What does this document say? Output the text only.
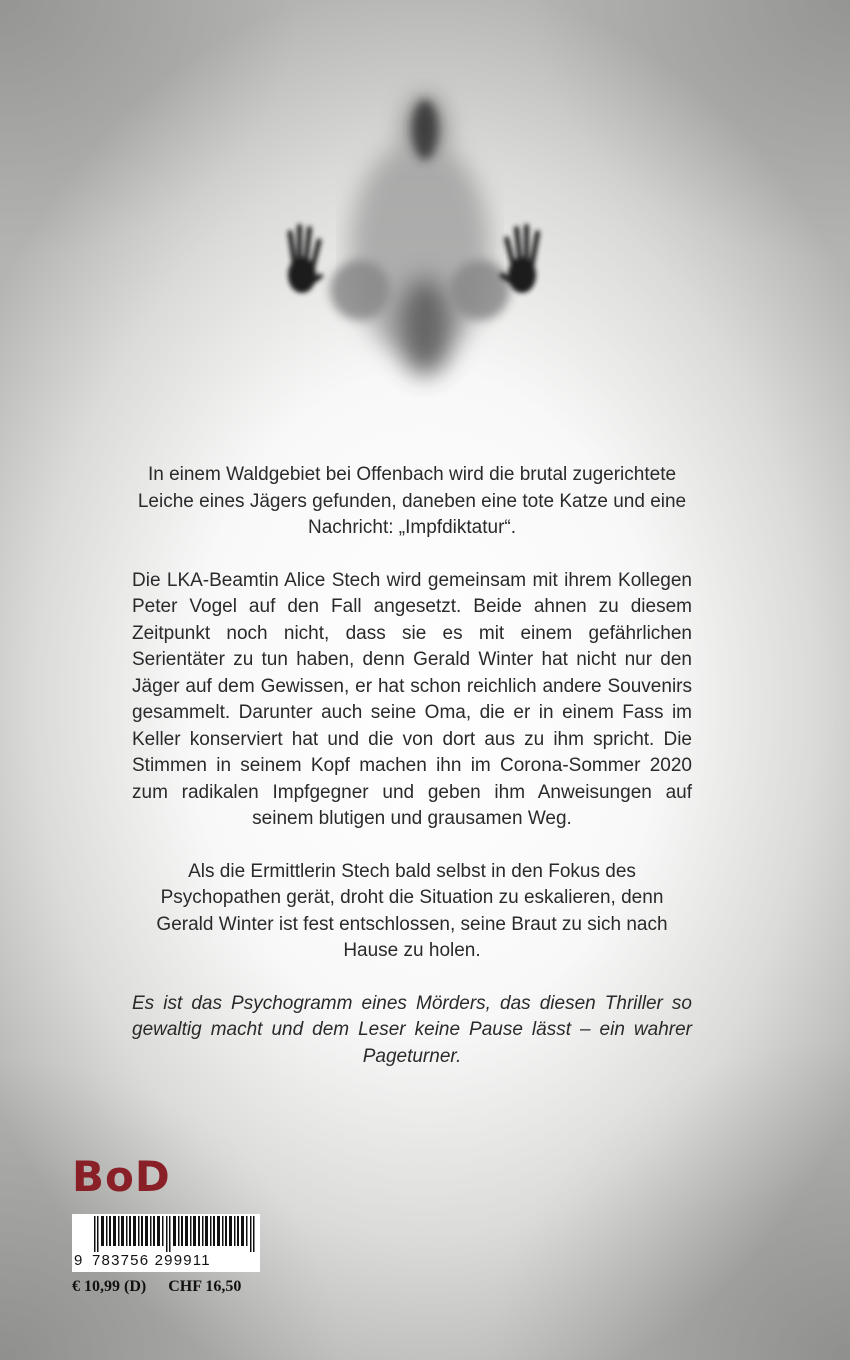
In einem Waldgebiet bei Offenbach wird die brutal zugerichtete Leiche eines Jägers gefunden, daneben eine tote Katze und eine Nachricht: „Impfdiktatur“.

Die LKA-Beamtin Alice Stech wird gemeinsam mit ihrem Kollegen Peter Vogel auf den Fall angesetzt. Beide ahnen zu diesem Zeitpunkt noch nicht, dass sie es mit einem gefährlichen Serientäter zu tun haben, denn Gerald Winter hat nicht nur den Jäger auf dem Gewissen, er hat schon reichlich andere Souvenirs gesammelt. Darunter auch seine Oma, die er in einem Fass im Keller konserviert hat und die von dort aus zu ihm spricht. Die Stimmen in seinem Kopf machen ihn im Corona-Sommer 2020 zum radikalen Impfgegner und geben ihm Anweisungen auf seinem blutigen und grausamen Weg.

Als die Ermittlerin Stech bald selbst in den Fokus des Psychopathen gerät, droht die Situation zu eskalieren, denn Gerald Winter ist fest entschlossen, seine Braut zu sich nach Hause zu holen.

Es ist das Psychogramm eines Mörders, das diesen Thriller so gewaltig macht und dem Leser keine Pause lässt – ein wahrer Pageturner.

BoD
9 783756 299911
€ 10,99 (D) CHF 16,50
